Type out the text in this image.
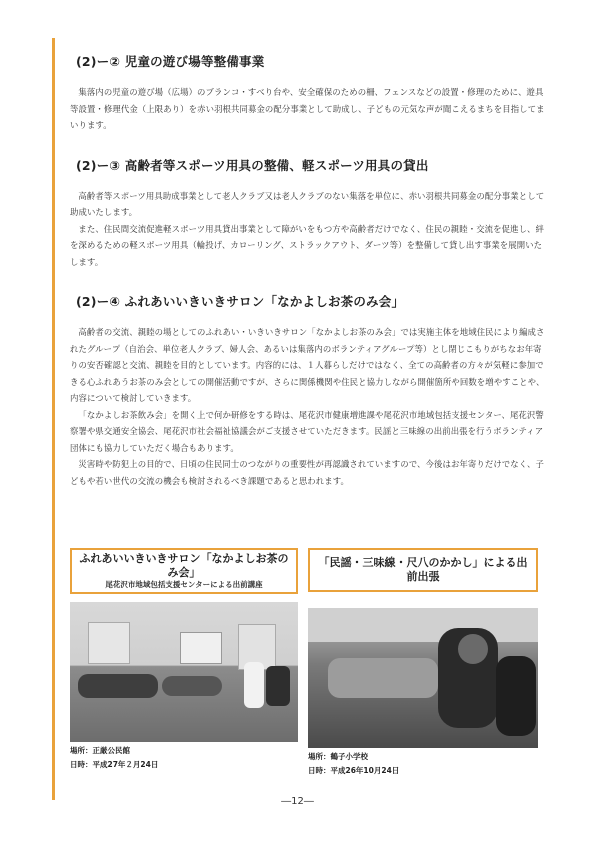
(2)ー② 児童の遊び場等整備事業

集落内の児童の遊び場（広場）のブランコ・すべり台や、安全確保のための柵、フェンスなどの設置・修理のために、遊具等設置・修理代金（上限あり）を赤い羽根共同募金の配分事業として助成し、子どもの元気な声が聞こえるまちを目指してまいります。

(2)ー③ 高齢者等スポーツ用具の整備、軽スポーツ用具の貸出

高齢者等スポーツ用具助成事業として老人クラブ又は老人クラブのない集落を単位に、赤い羽根共同募金の配分事業として助成いたします。

また、住民間交流促進軽スポーツ用具貸出事業として障がいをもつ方や高齢者だけでなく、住民の親睦・交流を促進し、絆を深めるための軽スポーツ用具（輪投げ、カローリング、ストラックアウト、ダーツ等）を整備して貸し出す事業を展開いたします。

(2)ー④ ふれあいいきいきサロン「なかよしお茶のみ会」

高齢者の交流、親睦の場としてのふれあい・いきいきサロン「なかよしお茶のみ会」では実施主体を地域住民により編成されたグループ（自治会、単位老人クラブ、婦人会、あるいは集落内のボランティアグループ等）とし閉じこもりがちなお年寄りの安否確認と交流、親睦を目的としています。内容的には、１人暮らしだけではなく、全ての高齢者の方々が気軽に参加できる心ふれあうお茶のみ会としての開催活動ですが、さらに関係機関や住民と協力しながら開催箇所や回数を増やすことや、内容について検討していきます。

「なかよしお茶飲み会」を開く上で何か研修をする時は、尾花沢市健康増進課や尾花沢市地域包括支援センター、尾花沢警察署や県交通安全協会、尾花沢市社会福祉協議会がご支援させていただきます。民謡と三味線の出前出張を行うボランティア団体にも協力していただく場合もあります。

災害時や防犯上の目的で、日頃の住民同士のつながりの重要性が再認識されていますので、今後はお年寄りだけでなく、子どもや若い世代の交流の機会も検討されるべき課題であると思われます。

ふれあいいきいきサロン「なかよしお茶のみ会」
尾花沢市地域包括支援センターによる出前講座
場所：正厳公民館
日時：平成27年２月24日
「民謡・三味線・尺八のかかし」による出前出張
場所：鶴子小学校
日時：平成26年10月24日
―12―
